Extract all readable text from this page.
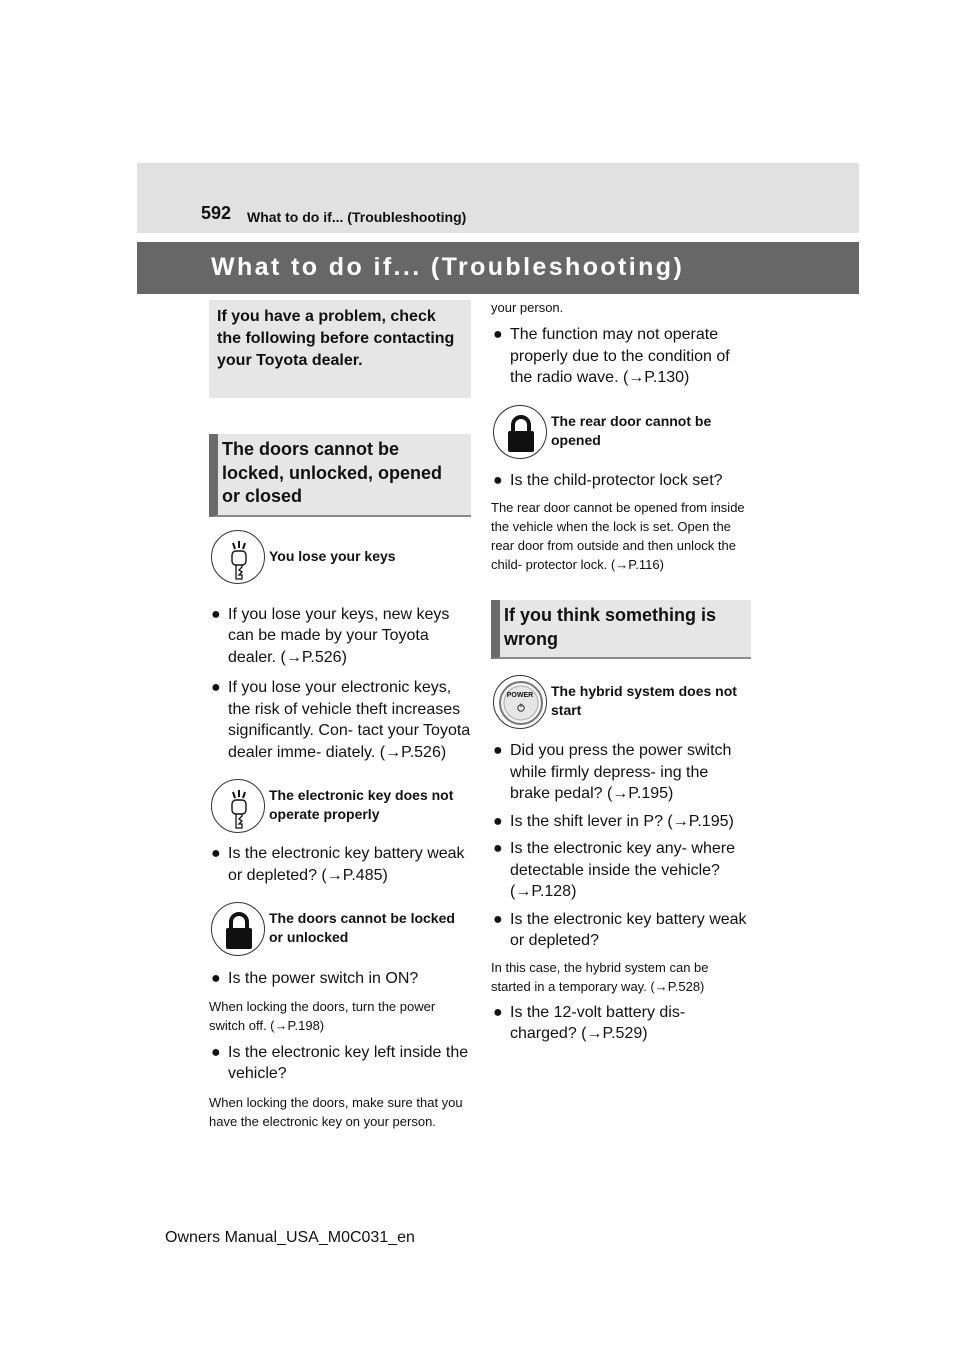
592 What to do if... (Troubleshooting)
What to do if... (Troubleshooting)
If you have a problem, check the following before contacting your Toyota dealer.
The doors cannot be locked, unlocked, opened or closed
You lose your keys
● If you lose your keys, new keys can be made by your Toyota dealer. (→P.526)
● If you lose your electronic keys, the risk of vehicle theft increases significantly. Con- tact your Toyota dealer imme- diately. (→P.526)
The electronic key does not operate properly
● Is the electronic key battery weak or depleted? (→P.485)
The doors cannot be locked or unlocked
● Is the power switch in ON?
When locking the doors, turn the power switch off. (→P.198)
● Is the electronic key left inside the vehicle?
When locking the doors, make sure that you have the electronic key on your person.
your person.
● The function may not operate properly due to the condition of the radio wave. (→P.130)
The rear door cannot be opened
● Is the child-protector lock set?
The rear door cannot be opened from inside the vehicle when the lock is set. Open the rear door from outside and then unlock the child- protector lock. (→P.116)
If you think something is wrong
POWER	The hybrid system does not start
● Did you press the power switch while firmly depress- ing the brake pedal? (→P.195)
● Is the shift lever in P? (→P.195)
● Is the electronic key any- where detectable inside the vehicle? (→P.128)
● Is the electronic key battery weak or depleted?
In this case, the hybrid system can be started in a temporary way. (→P.528)
● Is the 12-volt battery dis- charged? (→P.529)
Owners Manual_USA_M0C031_en
